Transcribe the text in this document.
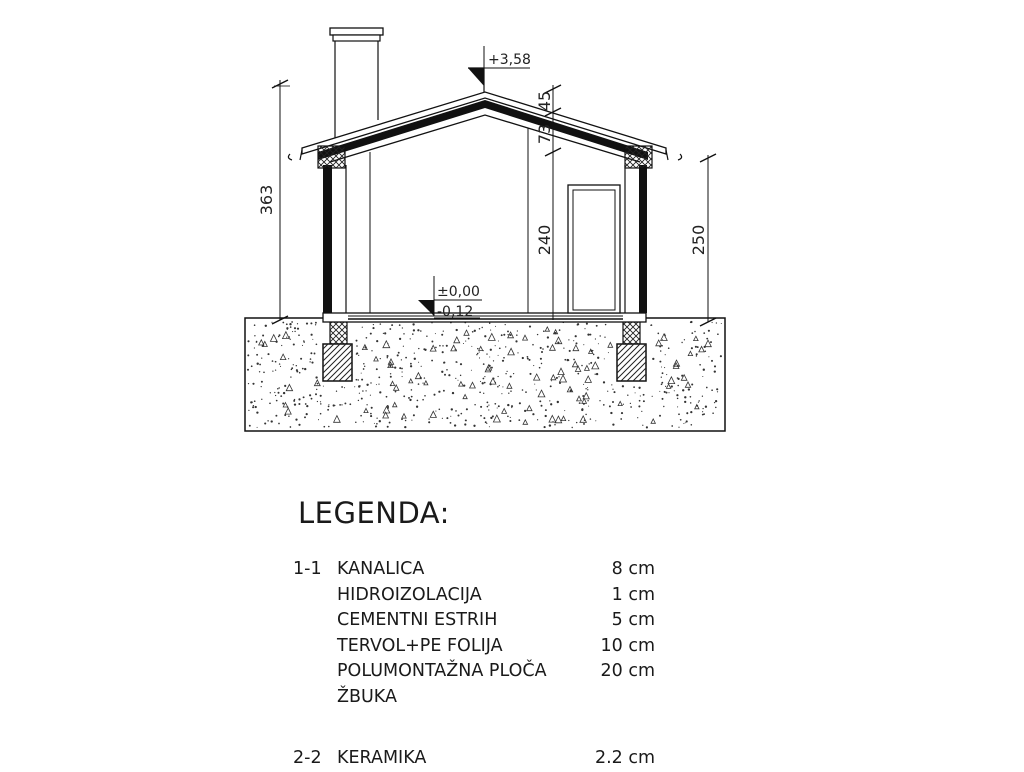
363
250
240
73
45
+3,58
±0,00
-0,12
LEGENDA:
1-1 KANALICA	8 cm
HIDROIZOLACIJA	1 cm
CEMENTNI ESTRIH	5 cm
TERVOL+PE FOLIJA	10 cm
POLUMONTAŽNA PLOČA	20 cm
ŽBUKA
2-2 KERAMIKA	2.2 cm
